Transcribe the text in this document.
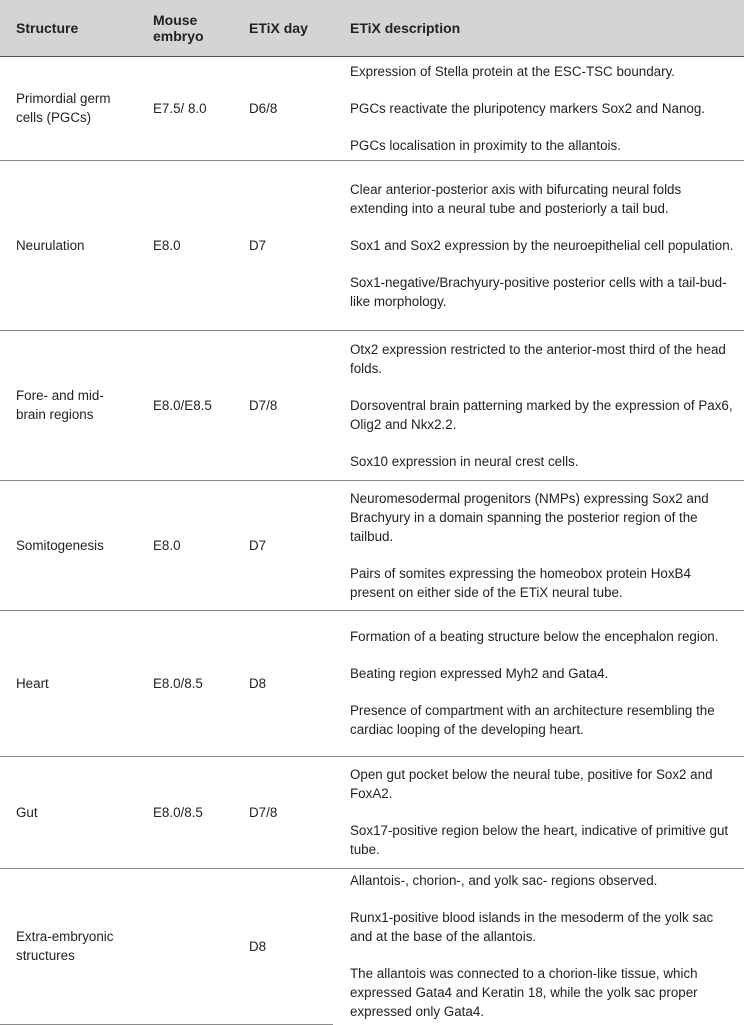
Structure	Mouse embryo	ETiX day	ETiX description
Primordial germ cells (PGCs)	E7.5/ 8.0	D6/8	Expression of Stella protein at the ESC-TSC boundary.

PGCs reactivate the pluripotency markers Sox2 and Nanog.

PGCs localisation in proximity to the allantois.

Neurulation	E8.0	D7	Clear anterior-posterior axis with bifurcating neural folds extending into a neural tube and posteriorly a tail bud.

Sox1 and Sox2 expression by the neuroepithelial cell population.

Sox1-negative/Brachyury-positive posterior cells with a tail-bud-like morphology.

Fore- and mid-brain regions	E8.0/E8.5	D7/8	Otx2 expression restricted to the anterior-most third of the head folds.

Dorsoventral brain patterning marked by the expression of Pax6, Olig2 and Nkx2.2.

Sox10 expression in neural crest cells.

Somitogenesis	E8.0	D7	Neuromesodermal progenitors (NMPs) expressing Sox2 and Brachyury in a domain spanning the posterior region of the tailbud.

Pairs of somites expressing the homeobox protein HoxB4 present on either side of the ETiX neural tube.

Heart	E8.0/8.5	D8	Formation of a beating structure below the encephalon region.

Beating region expressed Myh2 and Gata4.

Presence of compartment with an architecture resembling the cardiac looping of the developing heart.

Gut	E8.0/8.5	D7/8	Open gut pocket below the neural tube, positive for Sox2 and FoxA2.

Sox17-positive region below the heart, indicative of primitive gut tube.

Extra-embryonic structures		D8	Allantois-, chorion-, and yolk sac- regions observed.

Runx1-positive blood islands in the mesoderm of the yolk sac and at the base of the allantois.

The allantois was connected to a chorion-like tissue, which expressed Gata4 and Keratin 18, while the yolk sac proper expressed only Gata4.
